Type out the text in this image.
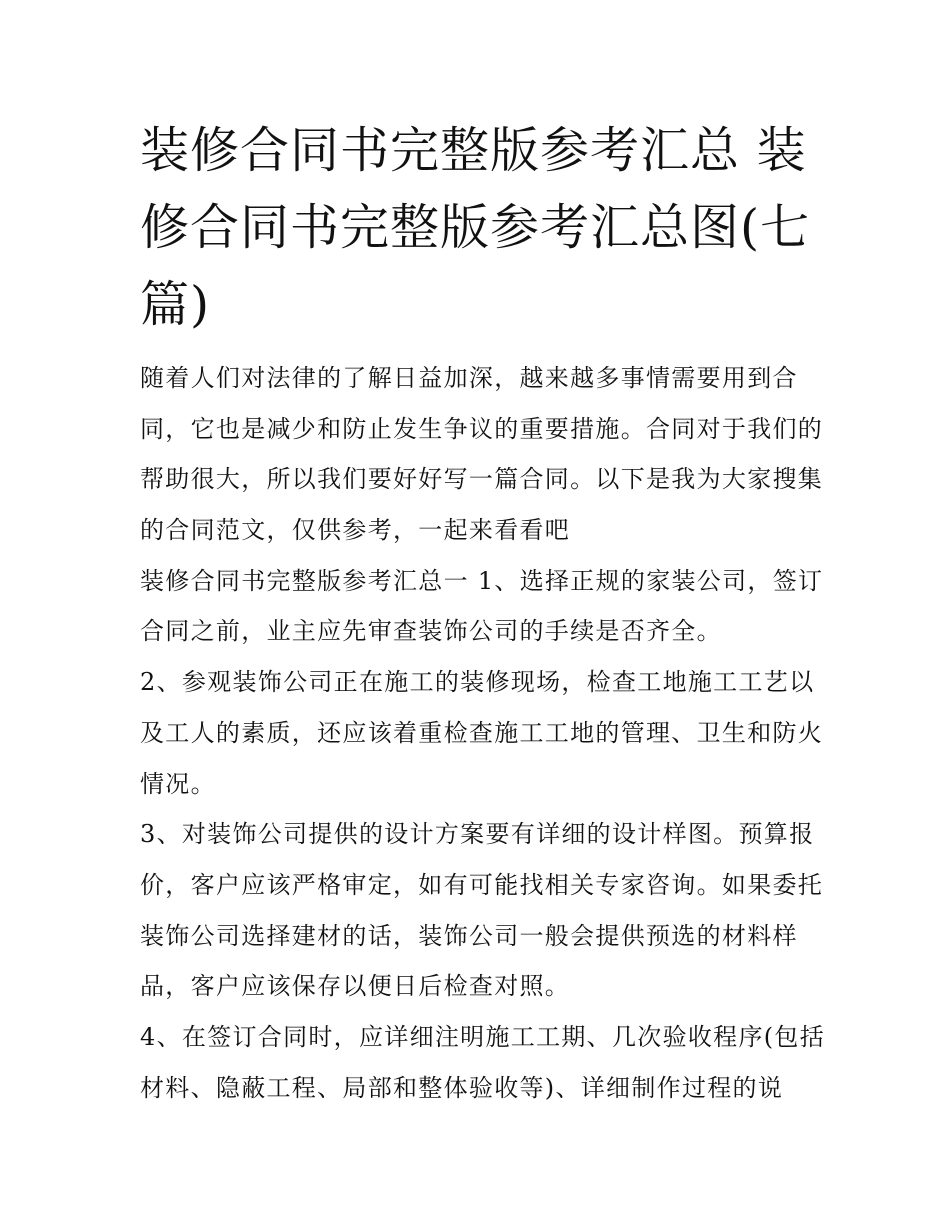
装修合同书完整版参考汇总 装
修合同书完整版参考汇总图(七
篇)
随着人们对法律的了解日益加深，越来越多事情需要用到合
同，它也是减少和防止发生争议的重要措施。合同对于我们的
帮助很大，所以我们要好好写一篇合同。以下是我为大家搜集
的合同范文，仅供参考，一起来看看吧
装修合同书完整版参考汇总一 1、选择正规的家装公司，签订
合同之前，业主应先审查装饰公司的手续是否齐全。
2、参观装饰公司正在施工的装修现场，检查工地施工工艺以
及工人的素质，还应该着重检查施工工地的管理、卫生和防火
情况。
3、对装饰公司提供的设计方案要有详细的设计样图。预算报
价，客户应该严格审定，如有可能找相关专家咨询。如果委托
装饰公司选择建材的话，装饰公司一般会提供预选的材料样
品，客户应该保存以便日后检查对照。
4、在签订合同时，应详细注明施工工期、几次验收程序(包括
材料、隐蔽工程、局部和整体验收等)、详细制作过程的说
